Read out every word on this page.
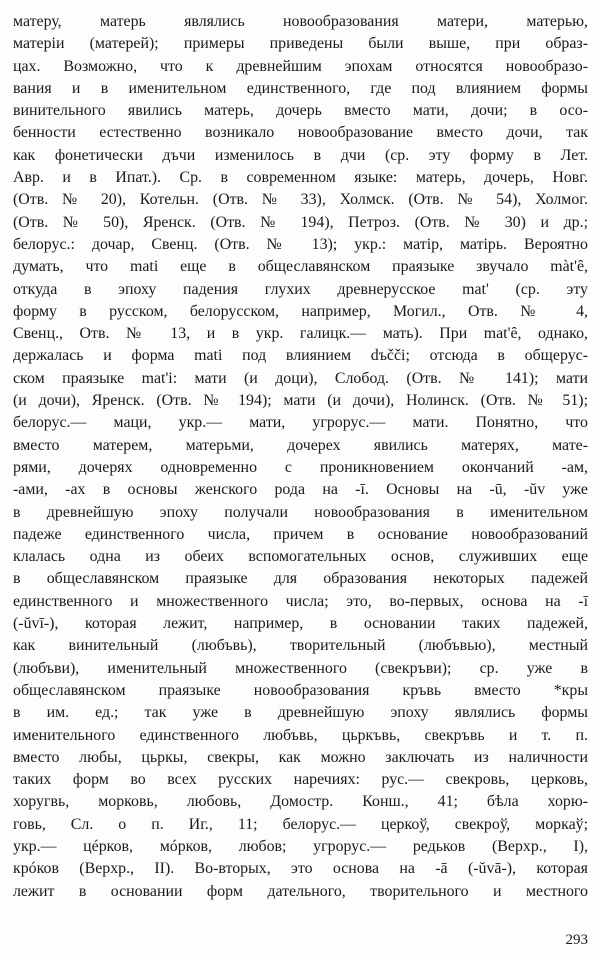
матеру, матерь являлись новообразования матери, матерью,
матерiи (матерей); примеры приведены были выше, при образ-
цах. Возможно, что к древнейшим эпохам относятся новообразо-
вания и в именительном единственного, где под влиянием формы
винительного явились матерь, дочерь вместо мати, дочи; в осо-
бенности естественно возникало новообразование вместо дочи, так
как фонетически дъчи изменилось в дчи (ср. эту форму в Лет.
Авр. и в Ипат.). Ср. в современном языке: матерь, дочерь, Новг.
(Отв. № 20), Котельн. (Отв. № 33), Холмск. (Отв. № 54), Холмог.
(Отв. № 50), Яренск. (Отв. № 194), Петроз. (Отв. № 30) и др.;
белорус.: дочар, Свенц. (Отв. № 13); укр.: матiр, матiрь. Вероятно
думать, что mati еще в общеславянском праязыке звучало màt'ȇ,
откуда в эпоху падения глухих древнерусское mat' (ср. эту
форму в русском, белорусском, например, Могил., Отв. № 4,
Свенц., Отв. № 13, и в укр. галицк.— мать). При mat'ȇ, однако,
держалась и форма mati под влиянием dъčči; отсюда в общерус-
ском праязыке mat'i: мати (и доци), Слобод. (Отв. № 141); мати
(и дочи), Яренск. (Отв. № 194); мати (и дочи), Нолинск. (Отв. № 51);
белорус.— маци, укр.— мати, угрорус.— мати. Понятно, что
вместо матерем, матерьми, дочерех явились матерях, мате-
рями, дочерях одновременно с проникновением окончаний -ам,
-ами, -ах в основы женского рода на -ī. Основы на -ū, -ŭv уже
в древнейшую эпоху получали новообразования в именительном
падеже единственного числа, причем в основание новообразований
клалась одна из обеих вспомогательных основ, служивших еще
в общеславянском праязыке для образования некоторых падежей
единственного и множественного числа; это, во-первых, основа на -ī
(-ŭvī-), которая лежит, например, в основании таких падежей,
как винительный (любъвь), творительный (любъвью), местный
(любъви), именительный множественного (свекръви); ср. уже в
общеславянском праязыке новообразования кръвь вместо *кры
в им. ед.; так уже в древнейшую эпоху являлись формы
именительного единственного любъвь, цьркъвь, свекръвь и т. п.
вместо любы, цьркы, свекры, как можно заключать из наличности
таких форм во всех русских наречиях: рус.— свекровь, церковь,
хоругвь, морковь, любовь, Домостр. Конш., 41; бѣла хорю-
говь, Сл. о п. Иг., 11; белорус.— церкоў, свекроў, моркаў;
укр.— цéрков, мóрков, любов; угрорус.— редьков (Верхр., I),
крóков (Верхр., II). Во-вторых, это основа на -ā (-ŭvā-), которая
лежит в основании форм дательного, творительного и местного
293
